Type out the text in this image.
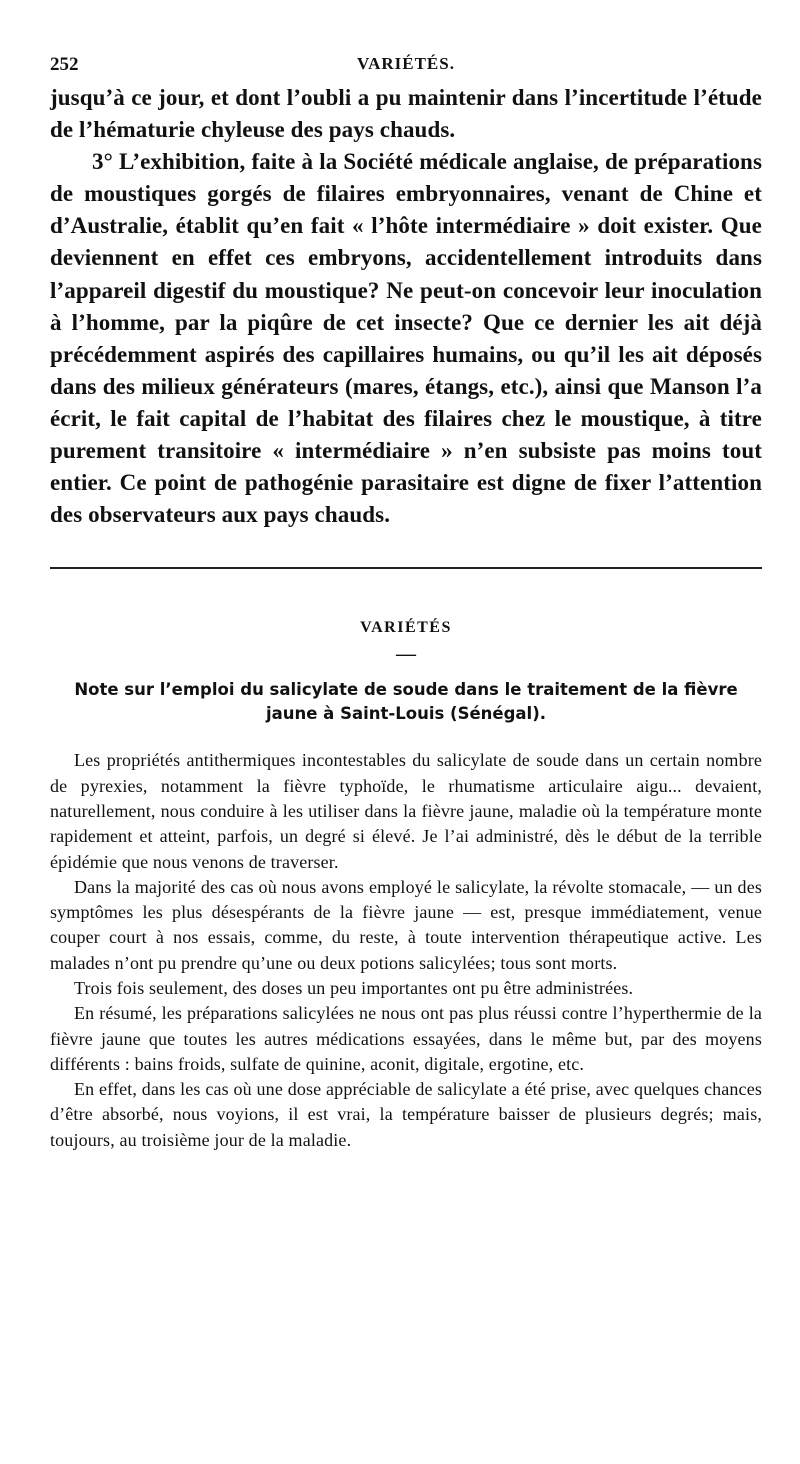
252	VARIÉTÉS.

jusqu’à ce jour, et dont l’oubli a pu maintenir dans l’incertitude l’étude de l’hématurie chyleuse des pays chauds.

3° L’exhibition, faite à la Société médicale anglaise, de préparations de moustiques gorgés de filaires embryonnaires, venant de Chine et d’Australie, établit qu’en fait « l’hôte intermédiaire » doit exister. Que deviennent en effet ces embryons, accidentellement introduits dans l’appareil digestif du moustique? Ne peut-on concevoir leur inoculation à l’homme, par la piqûre de cet insecte? Que ce dernier les ait déjà précédemment aspirés des capillaires humains, ou qu’il les ait déposés dans des milieux générateurs (mares, étangs, etc.), ainsi que Manson l’a écrit, le fait capital de l’habitat des filaires chez le moustique, à titre purement transitoire « intermédiaire » n’en subsiste pas moins tout entier. Ce point de pathogénie parasitaire est digne de fixer l’attention des observateurs aux pays chauds.

VARIÉTÉS
—
Note sur l’emploi du salicylate de soude dans le traitement de la fièvre jaune à Saint-Louis (Sénégal).

Les propriétés antithermiques incontestables du salicylate de soude dans un certain nombre de pyrexies, notamment la fièvre typhoïde, le rhumatisme articulaire aigu... devaient, naturellement, nous conduire à les utiliser dans la fièvre jaune, maladie où la température monte rapidement et atteint, parfois, un degré si élevé. Je l’ai administré, dès le début de la terrible épidémie que nous venons de traverser.

Dans la majorité des cas où nous avons employé le salicylate, la révolte stomacale, — un des symptômes les plus désespérants de la fièvre jaune — est, presque immédiatement, venue couper court à nos essais, comme, du reste, à toute intervention thérapeutique active. Les malades n’ont pu prendre qu’une ou deux potions salicylées; tous sont morts.

Trois fois seulement, des doses un peu importantes ont pu être administrées.

En résumé, les préparations salicylées ne nous ont pas plus réussi contre l’hyperthermie de la fièvre jaune que toutes les autres médications essayées, dans le même but, par des moyens différents : bains froids, sulfate de quinine, aconit, digitale, ergotine, etc.

En effet, dans les cas où une dose appréciable de salicylate a été prise, avec quelques chances d’être absorbé, nous voyions, il est vrai, la température baisser de plusieurs degrés; mais, toujours, au troisième jour de la maladie.
